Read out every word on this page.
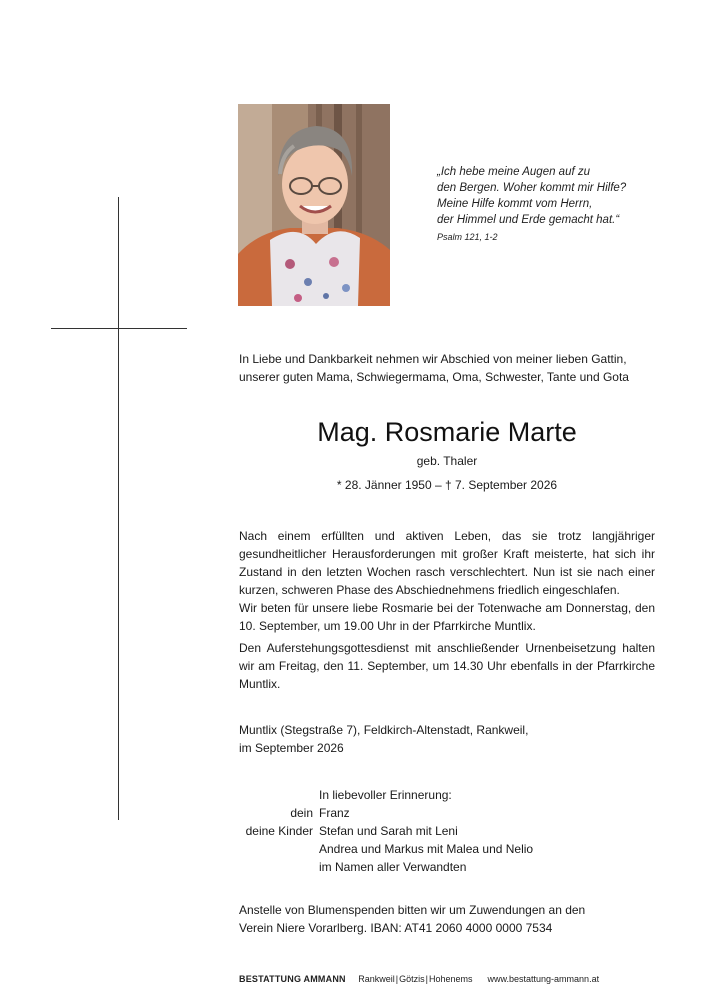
„Ich hebe meine Augen auf zu
den Bergen. Woher kommt mir Hilfe?
Meine Hilfe kommt vom Herrn,
der Himmel und Erde gemacht hat.“
Psalm 121, 1-2
In Liebe und Dankbarkeit nehmen wir Abschied von meiner lieben Gattin,
unserer guten Mama, Schwiegermama, Oma, Schwester, Tante und Gota
Mag. Rosmarie Marte
geb. Thaler
* 28. Jänner 1950 – † 7. September 2026

Nach einem erfüllten und aktiven Leben, das sie trotz langjähriger gesundheitlicher Herausforderungen mit großer Kraft meisterte, hat sich ihr Zustand in den letzten Wochen rasch verschlechtert. Nun ist sie nach einer kurzen, schweren Phase des Abschiednehmens friedlich eingeschlafen.

Wir beten für unsere liebe Rosmarie bei der Totenwache am Donnerstag, den 10. September, um 19.00 Uhr in der Pfarrkirche Muntlix.

Den Auferstehungsgottesdienst mit anschließender Urnenbeisetzung halten wir am Freitag, den 11. September, um 14.30 Uhr ebenfalls in der Pfarrkirche Muntlix.

Muntlix (Stegstraße 7), Feldkirch-Altenstadt, Rankweil,
im September 2026
In liebevoller Erinnerung:
dein Franz
deine Kinder Stefan und Sarah mit Leni
Andrea und Markus mit Malea und Nelio
im Namen aller Verwandten
Anstelle von Blumenspenden bitten wir um Zuwendungen an den
Verein Niere Vorarlberg. IBAN: AT41 2060 4000 0000 7534
BESTATTUNG AMMANN Rankweil|Götzis|Hohenems www.bestattung-ammann.at
